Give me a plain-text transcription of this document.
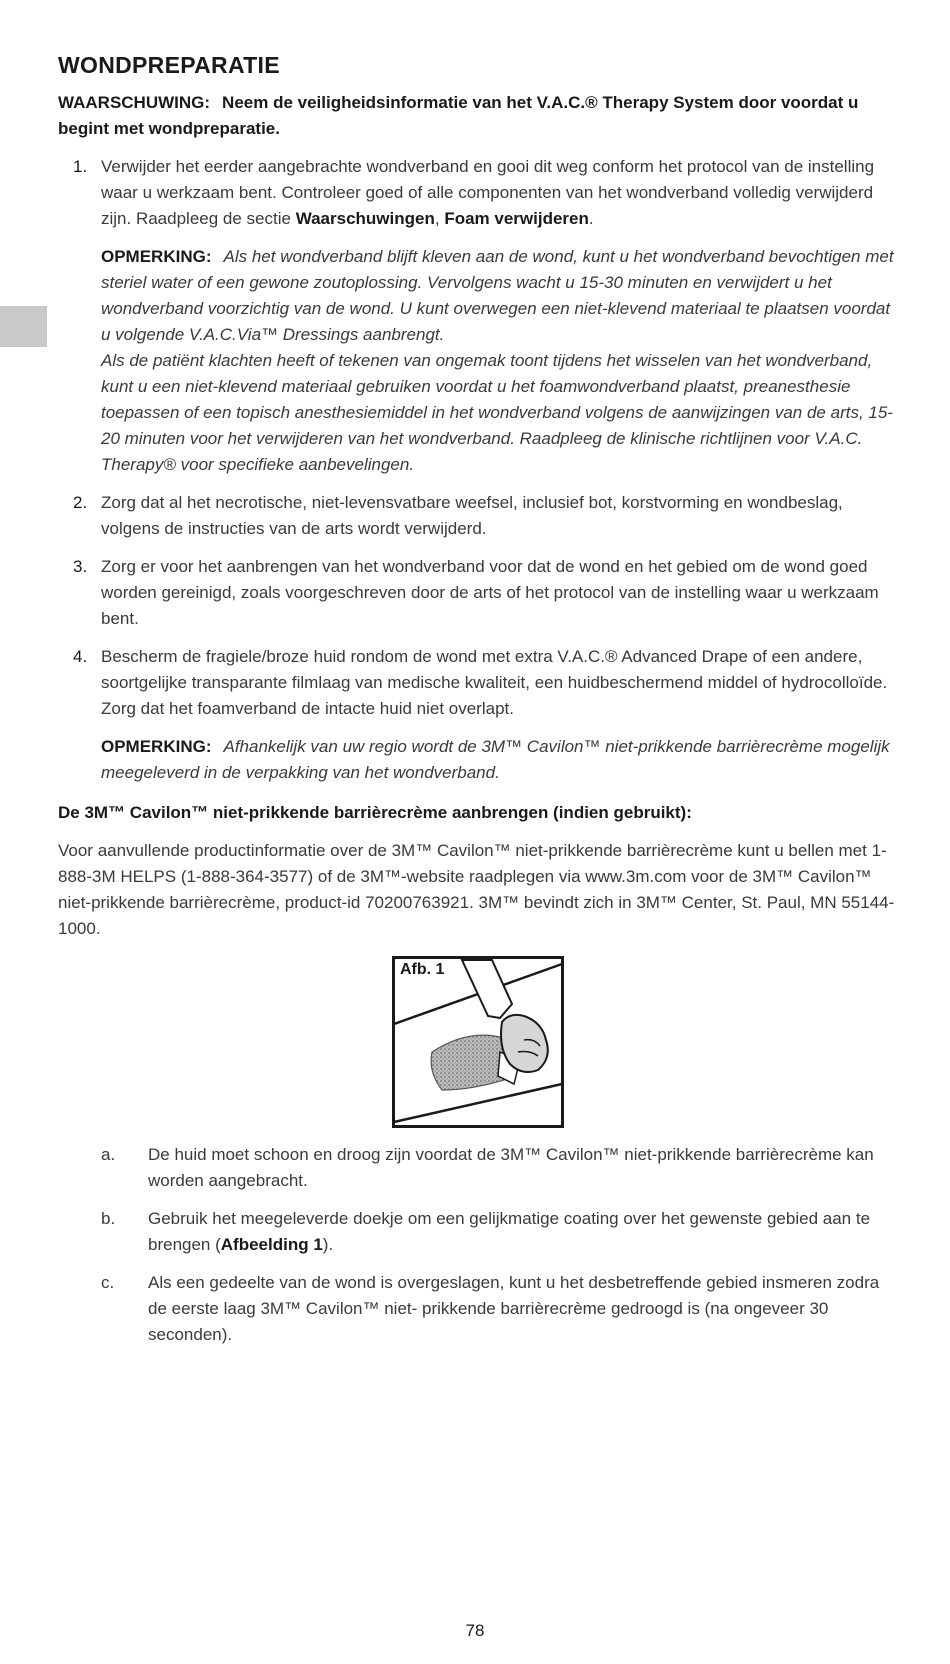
WONDPREPARATIE

WAARSCHUWING: Neem de veiligheidsinformatie van het V.A.C.® Therapy System door voordat u begint met wondpreparatie.

1. Verwijder het eerder aangebrachte wondverband en gooi dit weg conform het protocol van de instelling waar u werkzaam bent. Controleer goed of alle componenten van het wondverband volledig verwijderd zijn. Raadpleeg de sectie Waarschuwingen, Foam verwijderen.

OPMERKING: Als het wondverband blijft kleven aan de wond, kunt u het wondverband bevochtigen met steriel water of een gewone zoutoplossing. Vervolgens wacht u 15-30 minuten en verwijdert u het wondverband voorzichtig van de wond. U kunt overwegen een niet-klevend materiaal te plaatsen voordat u volgende V.A.C.Via™ Dressings aanbrengt.
Als de patiënt klachten heeft of tekenen van ongemak toont tijdens het wisselen van het wondverband, kunt u een niet-klevend materiaal gebruiken voordat u het foamwondverband plaatst, preanesthesie toepassen of een topisch anesthesiemiddel in het wondverband volgens de aanwijzingen van de arts, 15-20 minuten voor het verwijderen van het wondverband. Raadpleeg de klinische richtlijnen voor V.A.C. Therapy® voor specifieke aanbevelingen.

2. Zorg dat al het necrotische, niet-levensvatbare weefsel, inclusief bot, korstvorming en wondbeslag, volgens de instructies van de arts wordt verwijderd.
3. Zorg er voor het aanbrengen van het wondverband voor dat de wond en het gebied om de wond goed worden gereinigd, zoals voorgeschreven door de arts of het protocol van de instelling waar u werkzaam bent.
4. Bescherm de fragiele/broze huid rondom de wond met extra V.A.C.® Advanced Drape of een andere, soortgelijke transparante filmlaag van medische kwaliteit, een huidbeschermend middel of hydrocolloïde. Zorg dat het foamverband de intacte huid niet overlapt.

OPMERKING: Afhankelijk van uw regio wordt de 3M™ Cavilon™ niet-prikkende barrièrecrème mogelijk meegeleverd in de verpakking van het wondverband.

De 3M™ Cavilon™ niet-prikkende barrièrecrème aanbrengen (indien gebruikt):

Voor aanvullende productinformatie over de 3M™ Cavilon™ niet-prikkende barrièrecrème kunt u bellen met 1-888-3M HELPS (1-888-364-3577) of de 3M™-website raadplegen via www.3m.com voor de 3M™ Cavilon™ niet-prikkende barrièrecrème, product-id 70200763921. 3M™ bevindt zich in 3M™ Center, St. Paul, MN 55144-1000.

Afb. 1
a. De huid moet schoon en droog zijn voordat de 3M™ Cavilon™ niet-prikkende barrièrecrème kan worden aangebracht.
b. Gebruik het meegeleverde doekje om een gelijkmatige coating over het gewenste gebied aan te brengen (Afbeelding 1).
c. Als een gedeelte van de wond is overgeslagen, kunt u het desbetreffende gebied insmeren zodra de eerste laag 3M™ Cavilon™ niet- prikkende barrièrecrème gedroogd is (na ongeveer 30 seconden).
78
